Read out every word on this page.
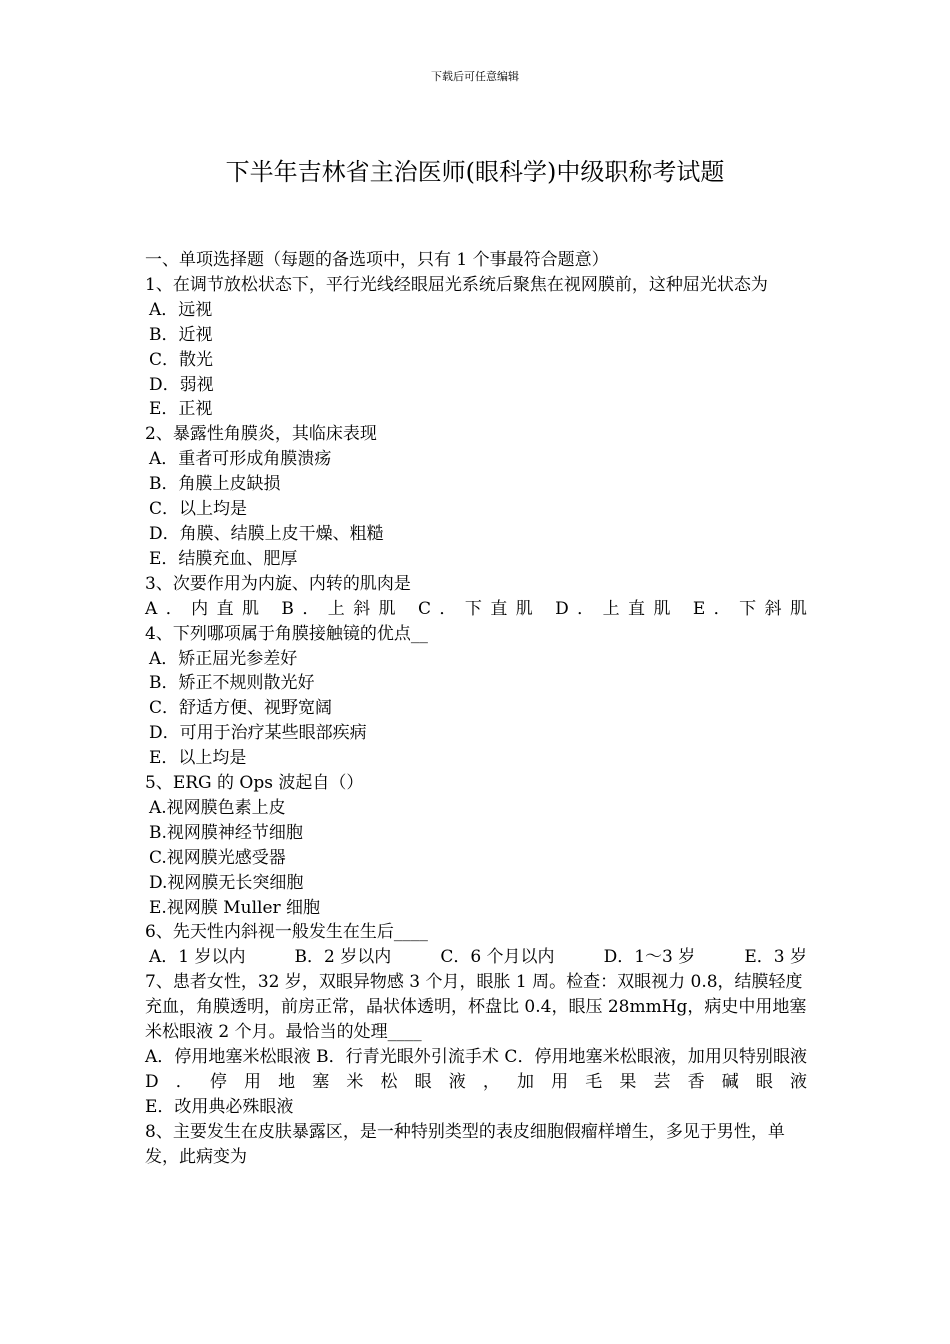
下载后可任意编辑
下半年吉林省主治医师(眼科学)中级职称考试题
一、单项选择题（每题的备选项中，只有 1 个事最符合题意）
1、在调节放松状态下，平行光线经眼屈光系统后聚焦在视网膜前，这种屈光状态为
A．远视
B．近视
C．散光
D．弱视
E．正视
2、暴露性角膜炎，其临床表现
A．重者可形成角膜溃疡
B．角膜上皮缺损
C．以上均是
D．角膜、结膜上皮干燥、粗糙
E．结膜充血、肥厚
3、次要作用为内旋、内转的肌肉是
A．内直肌 B．上斜肌 C．下直肌 D．上直肌 E．下斜肌
4、下列哪项属于角膜接触镜的优点__
A．矫正屈光参差好
B．矫正不规则散光好
C．舒适方便、视野宽阔
D．可用于治疗某些眼部疾病
E．以上均是
5、ERG 的 Ops 波起自（）
A.视网膜色素上皮
B.视网膜神经节细胞
C.视网膜光感受器
D.视网膜无长突细胞
E.视网膜 Muller 细胞
6、先天性内斜视一般发生在生后____
A．1 岁以内	B．2 岁以内	C．6 个月以内	D．1～3 岁	E．3 岁
7、患者女性，32 岁，双眼异物感 3 个月，眼胀 1 周。检查：双眼视力 0.8，结膜轻度充血，角膜透明，前房正常，晶状体透明，杯盘比 0.4，眼压 28mmHg，病史中用地塞米松眼液 2 个月。最恰当的处理____
A．停用地塞米松眼液 B．行青光眼外引流手术 C．停用地塞米松眼液，加用贝特别眼液 D．停用地塞米松眼液，加用毛果芸香碱眼液
E．改用典必殊眼液
8、主要发生在皮肤暴露区，是一种特别类型的表皮细胞假瘤样增生，多见于男性，单发，此病变为
